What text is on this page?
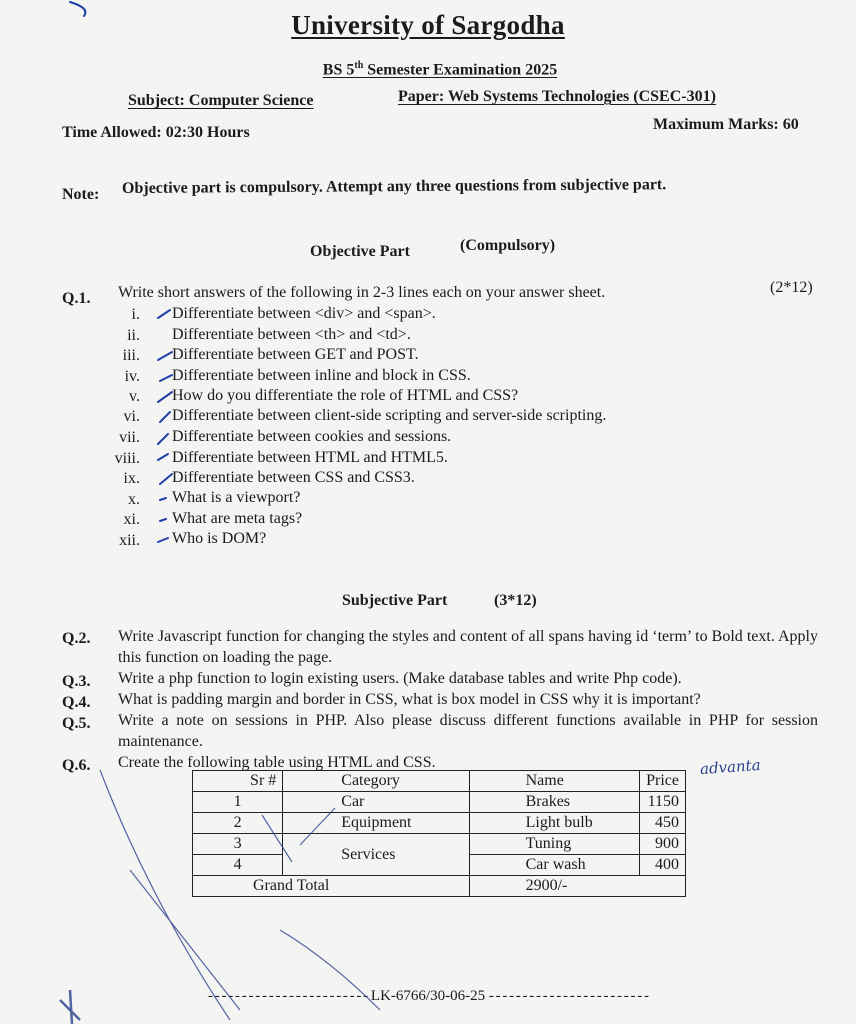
University of Sargodha
BS 5th Semester Examination 2025
Subject: Computer Science	Paper: Web Systems Technologies (CSEC-301)
Time Allowed: 02:30 Hours	Maximum Marks: 60
Note: Objective part is compulsory. Attempt any three questions from subjective part.
Objective Part	(Compulsory)
Q.1. Write short answers of the following in 2-3 lines each on your answer sheet.	(2*12)
i. Differentiate between <div> and <span>.
ii. Differentiate between <th> and <td>.
iii. Differentiate between GET and POST.
iv. Differentiate between inline and block in CSS.
v. How do you differentiate the role of HTML and CSS?
vi. Differentiate between client-side scripting and server-side scripting.
vii. Differentiate between cookies and sessions.
viii. Differentiate between HTML and HTML5.
ix. Differentiate between CSS and CSS3.
x. What is a viewport?
xi. What are meta tags?
xii. Who is DOM?
Subjective Part	(3*12)
Q.2. Write Javascript function for changing the styles and content of all spans having id ‘term’ to Bold text. Apply this function on loading the page.
Q.3. Write a php function to login existing users. (Make database tables and write Php code).
Q.4. What is padding margin and border in CSS, what is box model in CSS why it is important?
Q.5. Write a note on sessions in PHP. Also please discuss different functions available in PHP for session maintenance.
Q.6. Create the following table using HTML and CSS.
Sr #	Category	Name	Price
1	Car	Brakes	1150
2	Equipment	Light bulb	450
3	Services	Tuning	900
4		Car wash	400
Grand Total		2900/-	
advanta
- - - - - - - - - - - - - - - - - - - - - - - - LK-6766/30-06-25 - - - - - - - - - - - - - - - - - - - - - - - -
